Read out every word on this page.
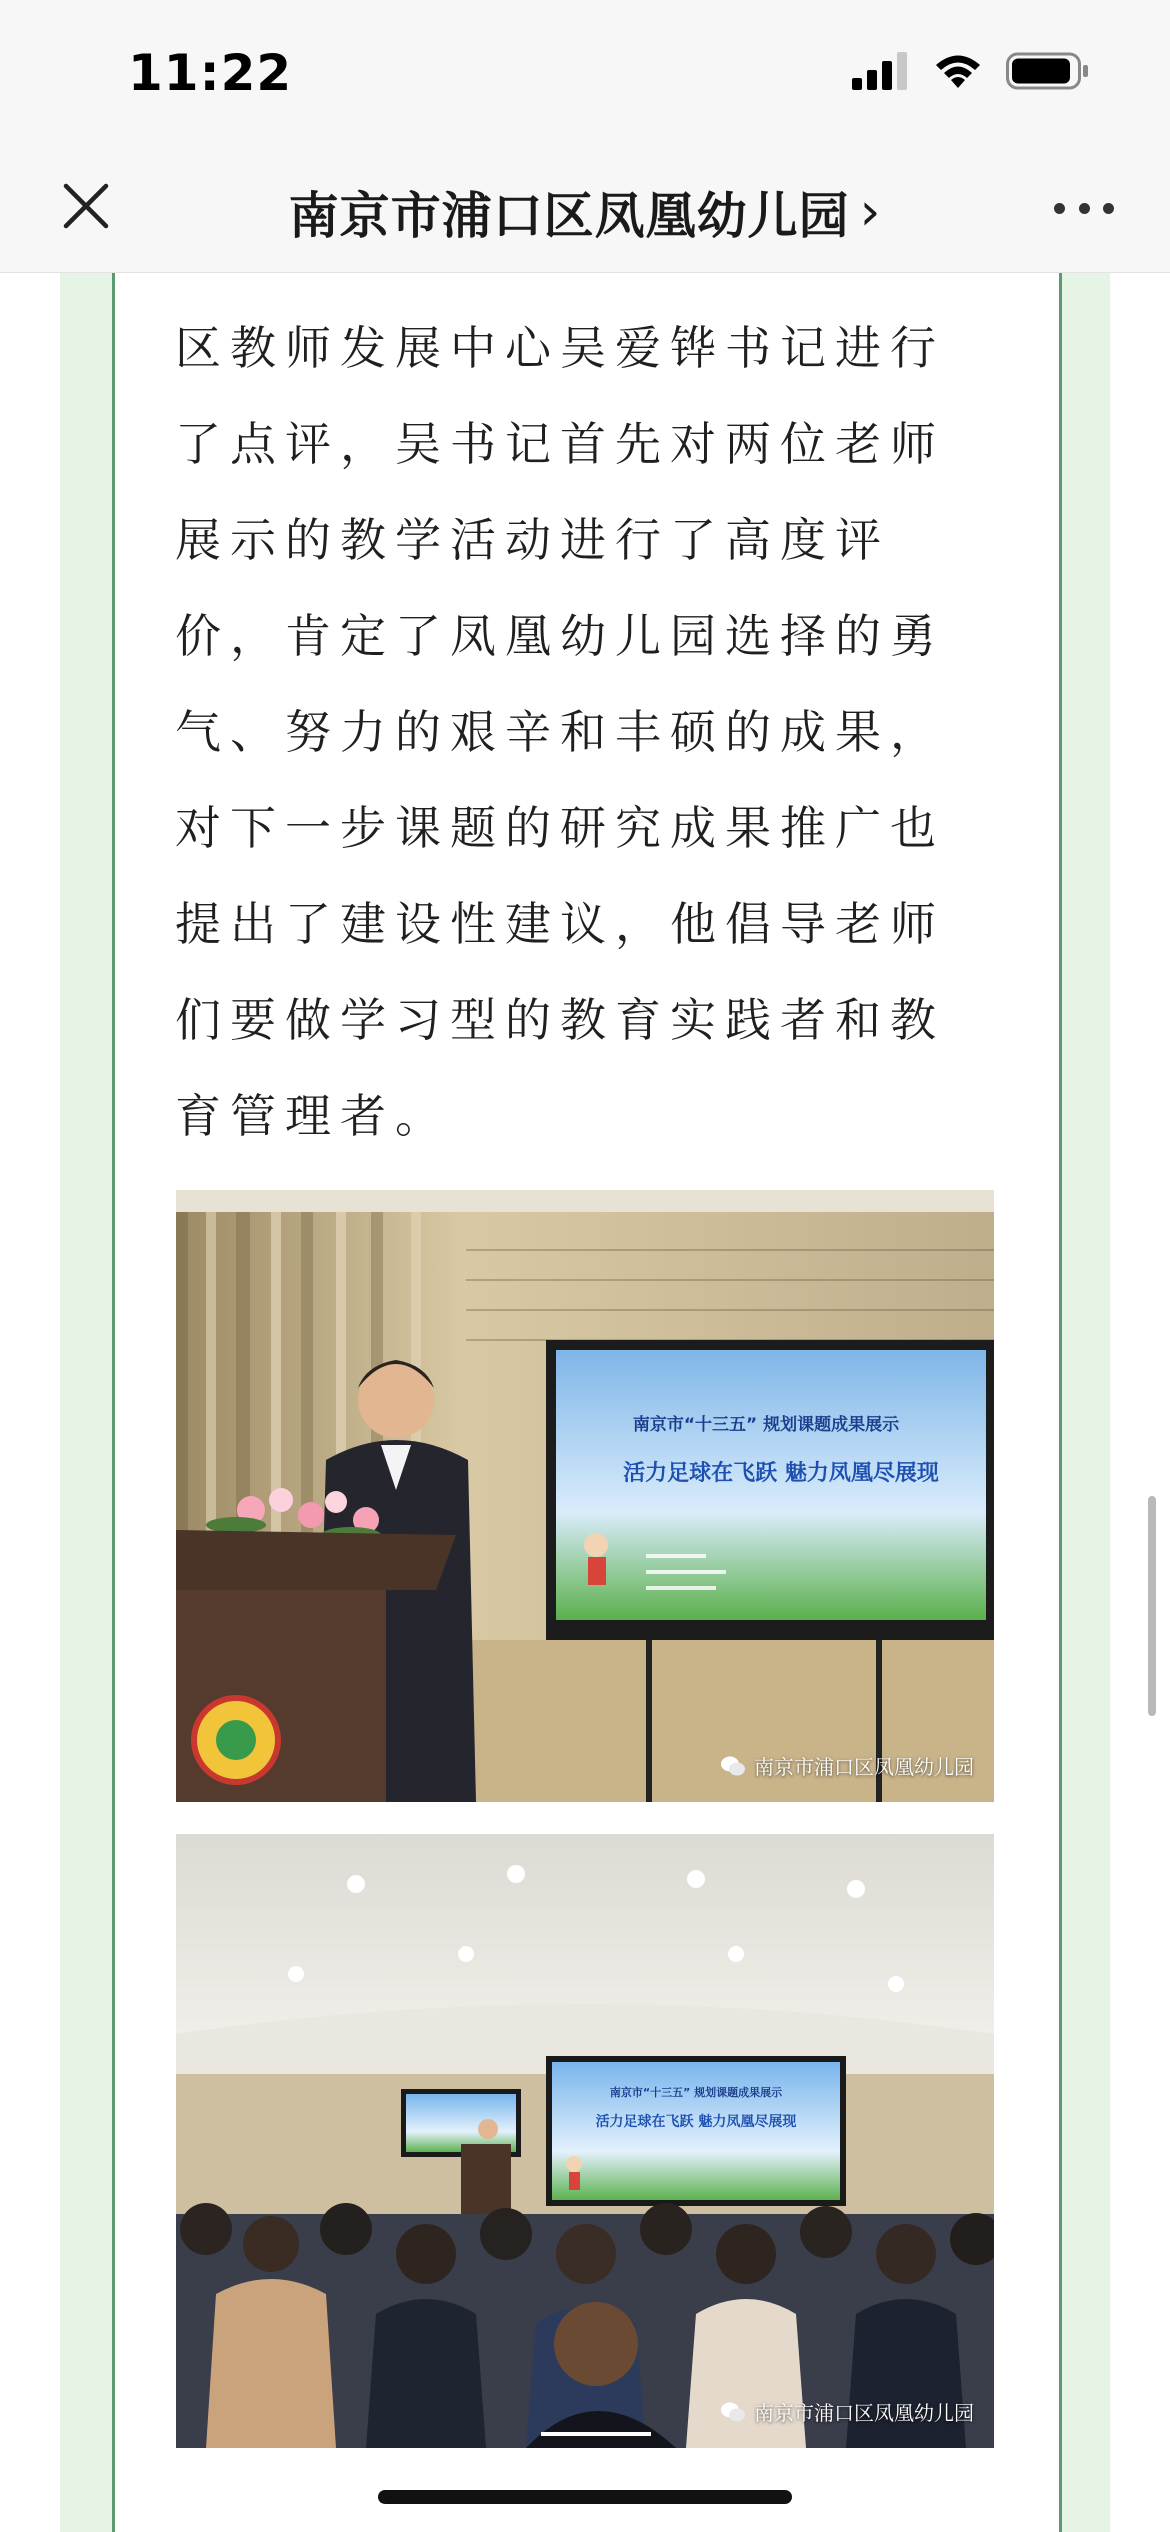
11:22
南京市浦口区凤凰幼儿园 ›

区教师发展中心吴爱铧书记进行
了点评，吴书记首先对两位老师
展示的教学活动进行了高度评
价，肯定了凤凰幼儿园选择的勇
气、努力的艰辛和丰硕的成果，
对下一步课题的研究成果推广也
提出了建设性建议，他倡导老师
们要做学习型的教育实践者和教
育管理者。

南京市“十三五” 规划课题成果展示
活力足球在飞跃 魅力凤凰尽展现
南京市浦口区凤凰幼儿园
南京市“十三五” 规划课题成果展示
活力足球在飞跃 魅力凤凰尽展现
南京市浦口区凤凰幼儿园
